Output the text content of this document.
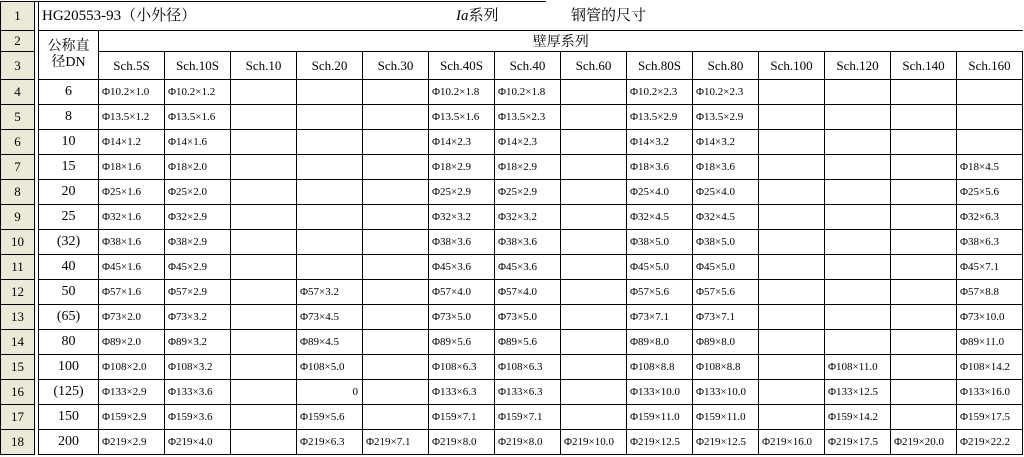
1		HG20553-93（小外径） Ia 系列 钢管的尺寸														

2		公称直
径DN	壁厚系列													
3			Sch.5S	Sch.10S	Sch.10	Sch.20	Sch.30	Sch.40S	Sch.40	Sch.60	Sch.80S	Sch.80	Sch.100	Sch.120	Sch.140	Sch.160
4		6	Φ10.2×1.0	Φ10.2×1.2				Φ10.2×1.8	Φ10.2×1.8		Φ10.2×2.3	Φ10.2×2.3				
5		8	Φ13.5×1.2	Φ13.5×1.6				Φ13.5×1.6	Φ13.5×2.3		Φ13.5×2.9	Φ13.5×2.9				
6		10	Φ14×1.2	Φ14×1.6				Φ14×2.3	Φ14×2.3		Φ14×3.2	Φ14×3.2				
7		15	Φ18×1.6	Φ18×2.0				Φ18×2.9	Φ18×2.9		Φ18×3.6	Φ18×3.6				Φ18×4.5
8		20	Φ25×1.6	Φ25×2.0				Φ25×2.9	Φ25×2.9		Φ25×4.0	Φ25×4.0				Φ25×5.6
9		25	Φ32×1.6	Φ32×2.9				Φ32×3.2	Φ32×3.2		Φ32×4.5	Φ32×4.5				Φ32×6.3
10		(32)	Φ38×1.6	Φ38×2.9				Φ38×3.6	Φ38×3.6		Φ38×5.0	Φ38×5.0				Φ38×6.3
11		40	Φ45×1.6	Φ45×2.9				Φ45×3.6	Φ45×3.6		Φ45×5.0	Φ45×5.0				Φ45×7.1
12		50	Φ57×1.6	Φ57×2.9		Φ57×3.2		Φ57×4.0	Φ57×4.0		Φ57×5.6	Φ57×5.6				Φ57×8.8
13		(65)	Φ73×2.0	Φ73×3.2		Φ73×4.5		Φ73×5.0	Φ73×5.0		Φ73×7.1	Φ73×7.1				Φ73×10.0
14		80	Φ89×2.0	Φ89×3.2		Φ89×4.5		Φ89×5.6	Φ89×5.6		Φ89×8.0	Φ89×8.0				Φ89×11.0
15		100	Φ108×2.0	Φ108×3.2		Φ108×5.0		Φ108×6.3	Φ108×6.3		Φ108×8.8	Φ108×8.8		Φ108×11.0		Φ108×14.2
16		(125)	Φ133×2.9	Φ133×3.6		0		Φ133×6.3	Φ133×6.3		Φ133×10.0	Φ133×10.0		Φ133×12.5		Φ133×16.0
17		150	Φ159×2.9	Φ159×3.6		Φ159×5.6		Φ159×7.1	Φ159×7.1		Φ159×11.0	Φ159×11.0		Φ159×14.2		Φ159×17.5
18		200	Φ219×2.9	Φ219×4.0		Φ219×6.3	Φ219×7.1	Φ219×8.0	Φ219×8.0	Φ219×10.0	Φ219×12.5	Φ219×12.5	Φ219×16.0	Φ219×17.5	Φ219×20.0	Φ219×22.2
